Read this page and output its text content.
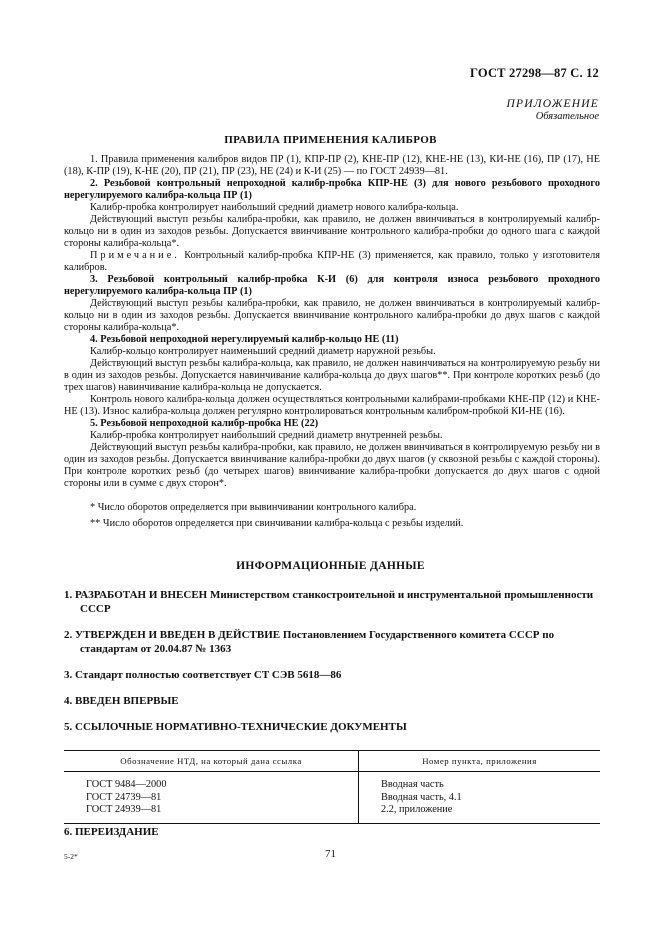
ГОСТ 27298—87 С. 12
ПРИЛОЖЕНИЕ
Обязательное
ПРАВИЛА ПРИМЕНЕНИЯ КАЛИБРОВ

1. Правила применения калибров видов ПР (1), КПР-ПР (2), КНЕ-ПР (12), КНЕ-НЕ (13), КИ-НЕ (16), ПР (17), НЕ (18), К-ПР (19), К-НЕ (20), ПР (21), ПР (23), НЕ (24) и К-И (25) — по ГОСТ 24939—81.

2. Резьбовой контрольный непроходной калибр-пробка КПР-НЕ (3) для нового резьбового проходного нерегулируемого калибра-кольца ПР (1)

Калибр-пробка контролирует наибольший средний диаметр нового калибра-кольца.

Действующий выступ резьбы калибра-пробки, как правило, не должен ввинчиваться в контролируемый калибр-кольцо ни в один из заходов резьбы. Допускается ввинчивание контрольного калибра-пробки до одного шага с каждой стороны калибра-кольца*.

Примечание. Контрольный калибр-пробка КПР-НЕ (3) применяется, как правило, только у изготовителя калибров.

3. Резьбовой контрольный калибр-пробка К-И (6) для контроля износа резьбового проходного нерегулируемого калибра-кольца ПР (1)

Действующий выступ резьбы калибра-пробки, как правило, не должен ввинчиваться в контролируемый калибр-кольцо ни в один из заходов резьбы. Допускается ввинчивание контрольного калибра-пробки до двух шагов с каждой стороны калибра-кольца*.

4. Резьбовой непроходной нерегулируемый калибр-кольцо НЕ (11)

Калибр-кольцо контролирует наименьший средний диаметр наружной резьбы.

Действующий выступ резьбы калибра-кольца, как правило, не должен навинчиваться на контролируемую резьбу ни в один из заходов резьбы. Допускается навинчивание калибра-кольца до двух шагов**. При контроле коротких резьб (до трех шагов) навинчивание калибра-кольца не допускается.

Контроль нового калибра-кольца должен осуществляться контрольными калибрами-пробками КНЕ-ПР (12) и КНЕ-НЕ (13). Износ калибра-кольца должен регулярно контролироваться контрольным калибром-пробкой КИ-НЕ (16).

5. Резьбовой непроходной калибр-пробка НЕ (22)

Калибр-пробка контролирует наибольший средний диаметр внутренней резьбы.

Действующий выступ резьбы калибра-пробки, как правило, не должен ввинчиваться в контролируемую резьбу ни в один из заходов резьбы. Допускается ввинчивание калибра-пробки до двух шагов (у сквозной резьбы с каждой стороны). При контроле коротких резьб (до четырех шагов) ввинчивание калибра-пробки допускается до двух шагов с одной стороны или в сумме с двух сторон*.

* Число оборотов определяется при вывинчивании контрольного калибра.

** Число оборотов определяется при свинчивании калибра-кольца с резьбы изделий.

ИНФОРМАЦИОННЫЕ ДАННЫЕ
1. РАЗРАБОТАН И ВНЕСЕН Министерством станкостроительной и инструментальной промышленности СССР
2. УТВЕРЖДЕН И ВВЕДЕН В ДЕЙСТВИЕ Постановлением Государственного комитета СССР по стандартам от 20.04.87 № 1363
3. Стандарт полностью соответствует СТ СЭВ 5618—86
4. ВВЕДЕН ВПЕРВЫЕ
5. ССЫЛОЧНЫЕ НОРМАТИВНО-ТЕХНИЧЕСКИЕ ДОКУМЕНТЫ
Обозначение НТД, на который дана ссылка	Номер пункта, приложения
ГОСТ 9484—2000	Вводная часть
ГОСТ 24739—81	Вводная часть, 4.1
ГОСТ 24939—81	2.2, приложение
6. ПЕРЕИЗДАНИЕ
5-2*	71
